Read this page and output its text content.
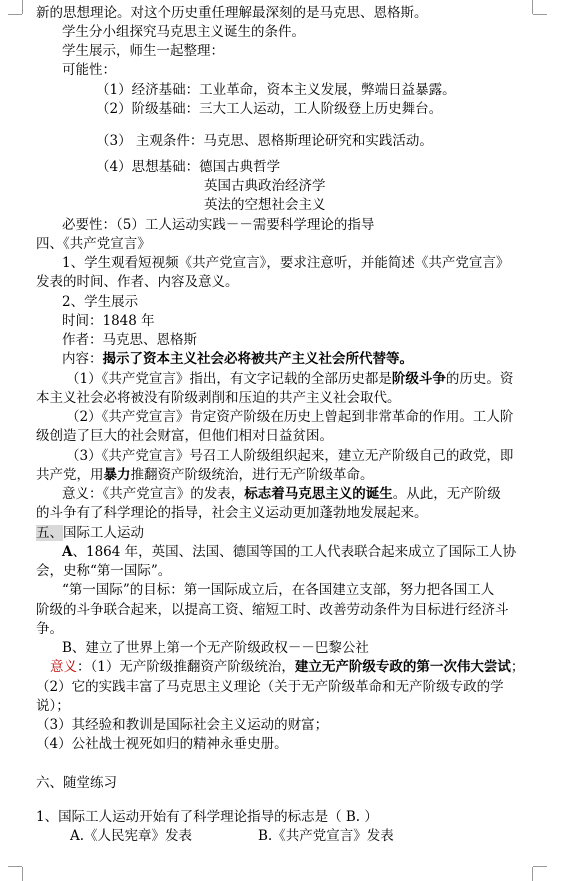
新的思想理论。对这个历史重任理解最深刻的是马克思、恩格斯。
学生分小组探究马克思主义诞生的条件。
学生展示，师生一起整理：
可能性：
（1）经济基础：工业革命，资本主义发展，弊端日益暴露。
（2）阶级基础：三大工人运动，工人阶级登上历史舞台。
（3） 主观条件：马克思、恩格斯理论研究和实践活动。
（4）思想基础：德国古典哲学
英国古典政治经济学
英法的空想社会主义
必要性：（5）工人运动实践－－需要科学理论的指导
四、《共产党宣言》
1、学生观看短视频《共产党宣言》，要求注意听，并能简述《共产党宣言》
发表的时间、作者、内容及意义。
2、学生展示
时间：1848 年
作者：马克思、恩格斯
内容：揭示了资本主义社会必将被共产主义社会所代替等。
（1）《共产党宣言》指出，有文字记载的全部历史都是阶级斗争的历史。资
本主义社会必将被没有阶级剥削和压迫的共产主义社会取代。
（2）《共产党宣言》肯定资产阶级在历史上曾起到非常革命的作用。工人阶
级创造了巨大的社会财富，但他们相对日益贫困。
（3）《共产党宣言》号召工人阶级组织起来，建立无产阶级自己的政党，即
共产党，用暴力推翻资产阶级统治，进行无产阶级革命。
意义：《共产党宣言》的发表，标志着马克思主义的诞生。从此，无产阶级
的斗争有了科学理论的指导，社会主义运动更加蓬勃地发展起来。
五、国际工人运动
A、1864 年，英国、法国、德国等国的工人代表联合起来成立了国际工人协
会，史称“第一国际”。
“第一国际”的目标：第一国际成立后，在各国建立支部，努力把各国工人
阶级的斗争联合起来，以提高工资、缩短工时、改善劳动条件为目标进行经济斗
争。
B、建立了世界上第一个无产阶级政权－－巴黎公社
意义：（1）无产阶级推翻资产阶级统治，建立无产阶级专政的第一次伟大尝试；
（2）它的实践丰富了马克思主义理论（关于无产阶级革命和无产阶级专政的学
说）；
（3）其经验和教训是国际社会主义运动的财富；
（4）公社战士视死如归的精神永垂史册。
六、随堂练习
1、国际工人运动开始有了科学理论指导的标志是（ B. ）
A.《人民宪章》发表	B.《共产党宣言》发表
